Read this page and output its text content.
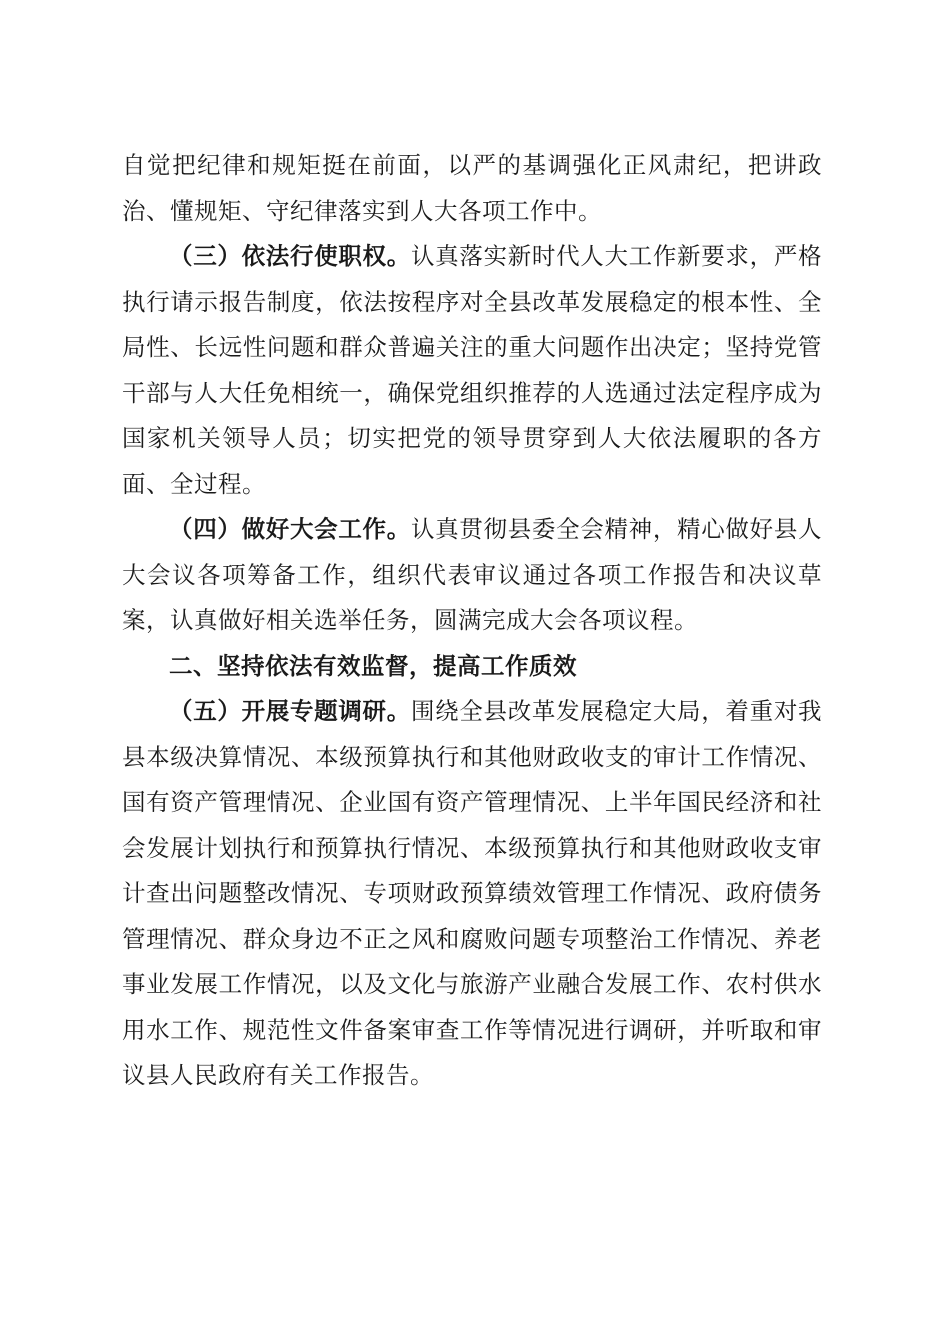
自觉把纪律和规矩挺在前面，以严的基调强化正风肃纪，把讲政治、懂规矩、守纪律落实到人大各项工作中。

（三）依法行使职权。认真落实新时代人大工作新要求，严格执行请示报告制度，依法按程序对全县改革发展稳定的根本性、全局性、长远性问题和群众普遍关注的重大问题作出决定；坚持党管干部与人大任免相统一，确保党组织推荐的人选通过法定程序成为国家机关领导人员；切实把党的领导贯穿到人大依法履职的各方面、全过程。

（四）做好大会工作。认真贯彻县委全会精神，精心做好县人大会议各项筹备工作，组织代表审议通过各项工作报告和决议草案，认真做好相关选举任务，圆满完成大会各项议程。

二、坚持依法有效监督，提高工作质效

（五）开展专题调研。围绕全县改革发展稳定大局，着重对我县本级决算情况、本级预算执行和其他财政收支的审计工作情况、国有资产管理情况、企业国有资产管理情况、上半年国民经济和社会发展计划执行和预算执行情况、本级预算执行和其他财政收支审计查出问题整改情况、专项财政预算绩效管理工作情况、政府债务管理情况、群众身边不正之风和腐败问题专项整治工作情况、养老事业发展工作情况，以及文化与旅游产业融合发展工作、农村供水用水工作、规范性文件备案审查工作等情况进行调研，并听取和审议县人民政府有关工作报告。
